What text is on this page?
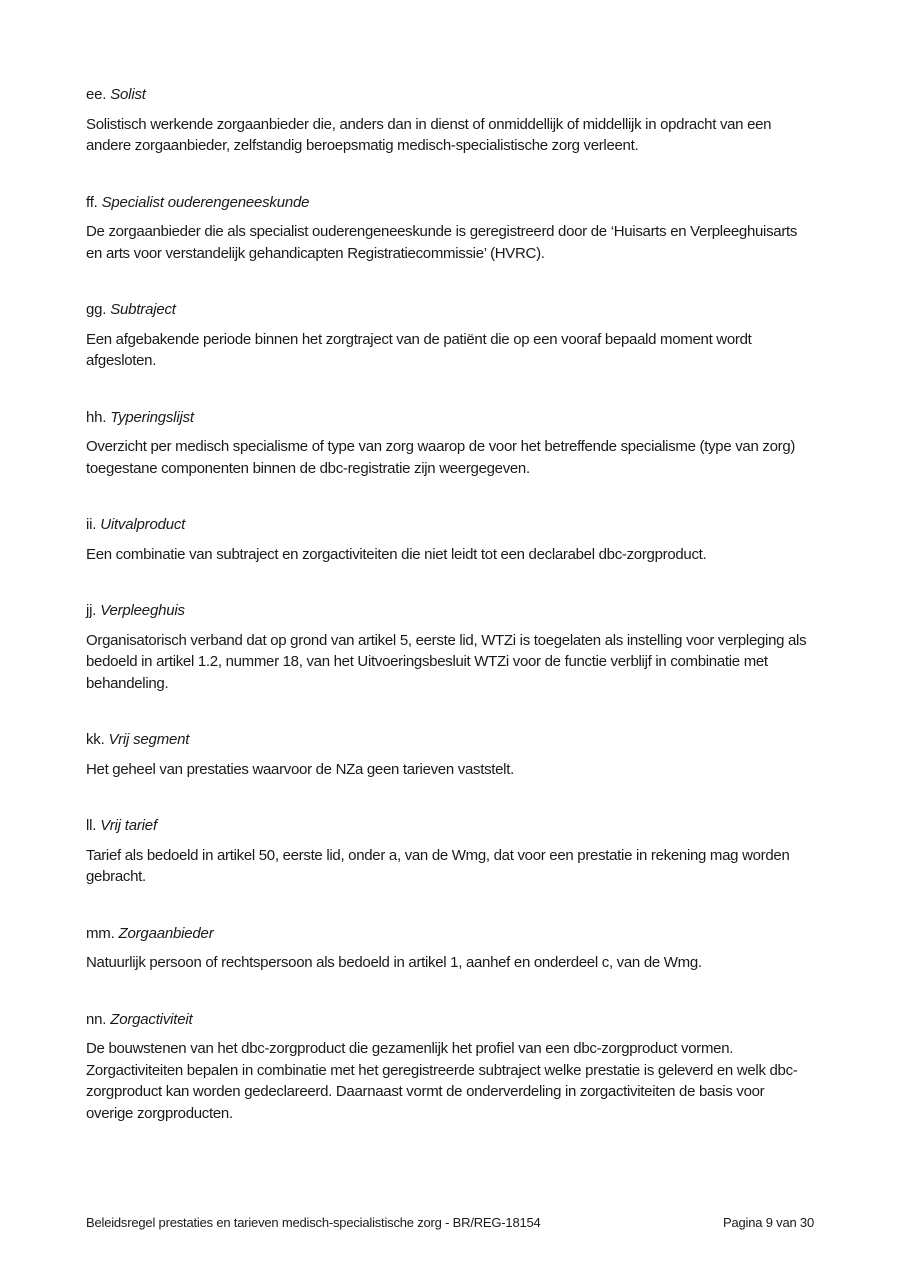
ee. Solist

Solistisch werkende zorgaanbieder die, anders dan in dienst of onmiddellijk of middellijk in opdracht van een andere zorgaanbieder, zelfstandig beroepsmatig medisch-specialistische zorg verleent.

ff. Specialist ouderengeneeskunde

De zorgaanbieder die als specialist ouderengeneeskunde is geregistreerd door de ‘Huisarts en Verpleeghuisarts en arts voor verstandelijk gehandicapten Registratiecommissie’ (HVRC).

gg. Subtraject

Een afgebakende periode binnen het zorgtraject van de patiënt die op een vooraf bepaald moment wordt afgesloten.

hh. Typeringslijst

Overzicht per medisch specialisme of type van zorg waarop de voor het betreffende specialisme (type van zorg) toegestane componenten binnen de dbc-registratie zijn weergegeven.

ii. Uitvalproduct

Een combinatie van subtraject en zorgactiviteiten die niet leidt tot een declarabel dbc-zorgproduct.

jj. Verpleeghuis

Organisatorisch verband dat op grond van artikel 5, eerste lid, WTZi is toegelaten als instelling voor verpleging als bedoeld in artikel 1.2, nummer 18, van het Uitvoeringsbesluit WTZi voor de functie verblijf in combinatie met behandeling.

kk. Vrij segment

Het geheel van prestaties waarvoor de NZa geen tarieven vaststelt.

ll. Vrij tarief

Tarief als bedoeld in artikel 50, eerste lid, onder a, van de Wmg, dat voor een prestatie in rekening mag worden gebracht.

mm. Zorgaanbieder

Natuurlijk persoon of rechtspersoon als bedoeld in artikel 1, aanhef en onderdeel c, van de Wmg.

nn. Zorgactiviteit

De bouwstenen van het dbc-zorgproduct die gezamenlijk het profiel van een dbc-zorgproduct vormen. Zorgactiviteiten bepalen in combinatie met het geregistreerde subtraject welke prestatie is geleverd en welk dbc-zorgproduct kan worden gedeclareerd. Daarnaast vormt de onderverdeling in zorgactiviteiten de basis voor overige zorgproducten.

Beleidsregel prestaties en tarieven medisch-specialistische zorg - BR/REG-18154	Pagina 9 van 30
